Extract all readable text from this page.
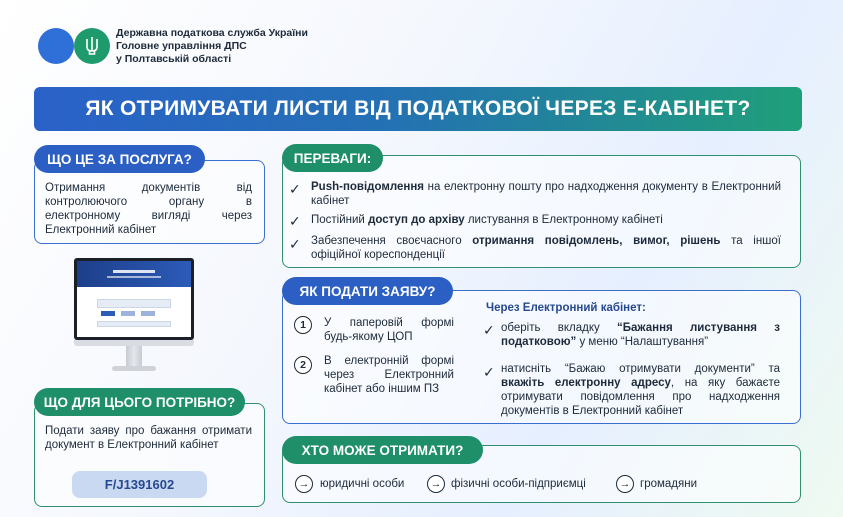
Державна податкова служба України
Головне управління ДПС
у Полтавській області
ЯК ОТРИМУВАТИ ЛИСТИ ВІД ПОДАТКОВОЇ ЧЕРЕЗ Е-КАБІНЕТ?
ЩО ЦЕ ЗА ПОСЛУГА?
Отримання документів від контролюючого органу в електронному вигляді через Електронний кабінет
ПЕРЕВАГИ:
✓ Push-повідомлення на електронну пошту про надходження документу в Електронний кабінет
✓ Постійний доступ до архіву листування в Електронному кабінеті
✓ Забезпечення своєчасного отримання повідомлень, вимог, рішень та іншої офіційної кореспонденції
ЯК ПОДАТИ ЗАЯВУ?
1	У паперовій формі будь-якому ЦОП
2	В електронній формі через Електронний кабінет або іншим ПЗ
Через Електронний кабінет:
✓ оберіть вкладку “Бажання листування з податковою” у меню “Налаштування”
✓ натисніть “Бажаю отримувати документи” та вкажіть електронну адресу, на яку бажаєте отримувати повідомлення про надходження документів в Електронний кабінет
ЩО ДЛЯ ЦЬОГО ПОТРІБНО?
Подати заяву про бажання отримати документ в Електронний кабінет
F/J1391602
ХТО МОЖЕ ОТРИМАТИ?
→ юридичні особи	→ фізичні особи-підприємці	→ громадяни
